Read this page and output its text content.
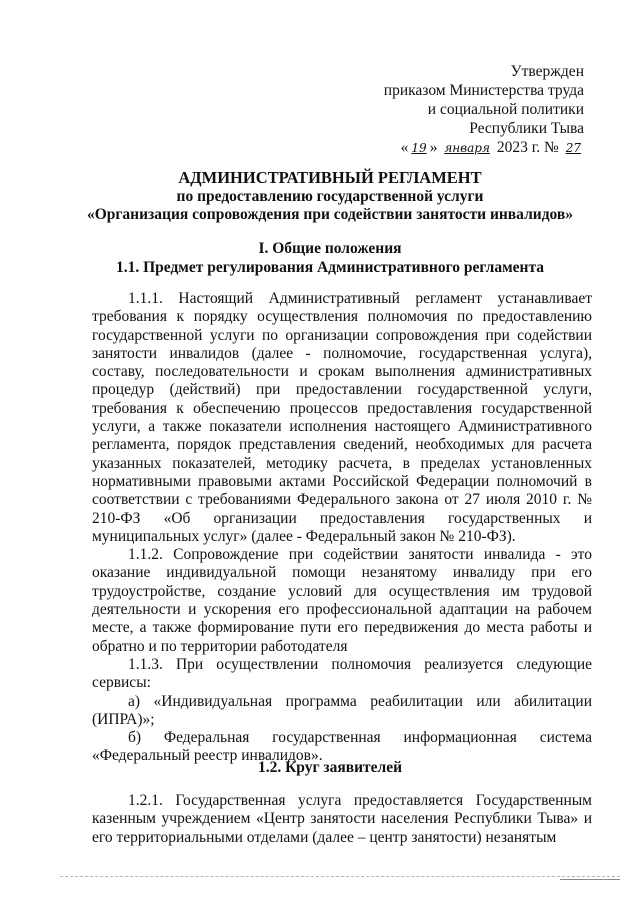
Утвержден
приказом Министерства труда
и социальной политики
Республики Тыва
« 19 » января 2023 г. № 27
АДМИНИСТРАТИВНЫЙ РЕГЛАМЕНТ
по предоставлению государственной услуги
«Организация сопровождения при содействии занятости инвалидов»
I. Общие положения
1.1. Предмет регулирования Административного регламента

1.1.1. Настоящий Административный регламент устанавливает требования к порядку осуществления полномочия по предоставлению государственной услуги по организации сопровождения при содействии занятости инвалидов (далее - полномочие, государственная услуга), составу, последовательности и срокам выполнения административных процедур (действий) при предоставлении государственной услуги, требования к обеспечению процессов предоставления государственной услуги, а также показатели исполнения настоящего Административного регламента, порядок представления сведений, необходимых для расчета указанных показателей, методику расчета, в пределах установленных нормативными правовыми актами Российской Федерации полномочий в соответствии с требованиями Федерального закона от 27 июля 2010 г. № 210-ФЗ «Об организации предоставления государственных и муниципальных услуг» (далее - Федеральный закон № 210-ФЗ).

1.1.2. Сопровождение при содействии занятости инвалида - это оказание индивидуальной помощи незанятому инвалиду при его трудоустройстве, создание условий для осуществления им трудовой деятельности и ускорения его профессиональной адаптации на рабочем месте, а также формирование пути его передвижения до места работы и обратно и по территории работодателя

1.1.3. При осуществлении полномочия реализуется следующие сервисы:

а) «Индивидуальная программа реабилитации или абилитации (ИПРА)»;

б) Федеральная государственная информационная система «Федеральный реестр инвалидов».

1.2. Круг заявителей

1.2.1. Государственная услуга предоставляется Государственным казенным учреждением «Центр занятости населения Республики Тыва» и его территориальными отделами (далее – центр занятости) незанятым
